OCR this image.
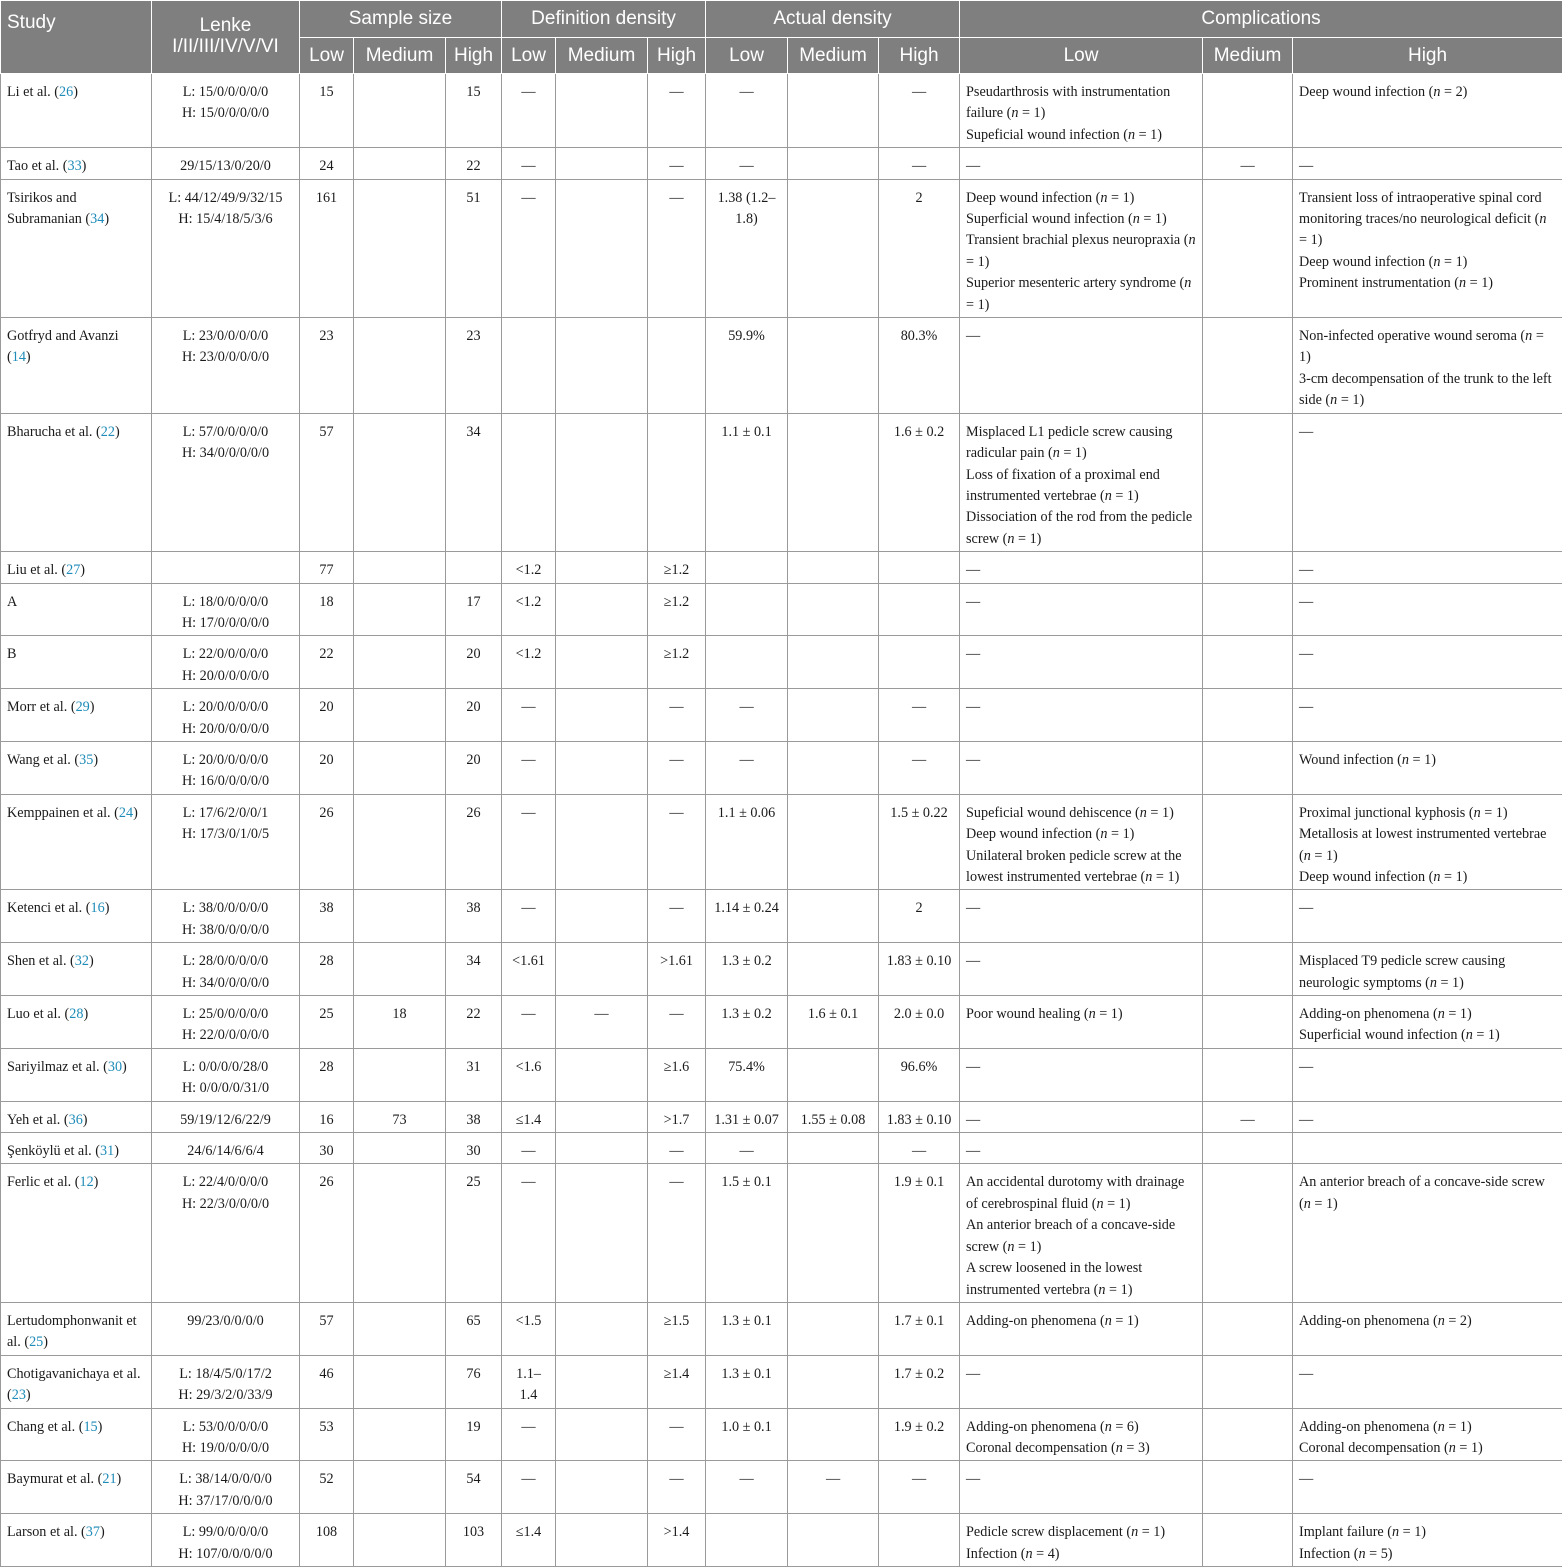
Study	Lenke I/II/III/IV/V/VI	Sample size			Definition density			Actual density			Complications		
		Low	Medium	High	Low	Medium	High	Low	Medium	High	Low	Medium	High
Li et al. (26)	L: 15/0/0/0/0/0
H: 15/0/0/0/0/0	15		15	—		—	—		—	Pseudarthrosis with instrumentation failure (n = 1)
Supeficial wound infection (n = 1)		Deep wound infection (n = 2)

Tao et al. (33)	29/15/13/0/20/0	24		22	—		—	—		—	—	—	—

Tsirikos and Subramanian (34)	L: 44/12/49/9/32/15
H: 15/4/18/5/3/6	161		51	—		—	1.38 (1.2–1.8)		2	Deep wound infection (n = 1)
Superficial wound infection (n = 1)
Transient brachial plexus neuropraxia (n = 1)
Superior mesenteric artery syndrome (n = 1)		Transient loss of intraoperative spinal cord
monitoring traces/no neurological deficit (n = 1)
Deep wound infection (n = 1)
Prominent instrumentation (n = 1)

Gotfryd and Avanzi (14)	L: 23/0/0/0/0/0
H: 23/0/0/0/0/0	23		23				59.9%		80.3%	—		Non-infected operative wound seroma (n = 1)
3-cm decompensation of the trunk to the left side (n = 1)

Bharucha et al. (22)	L: 57/0/0/0/0/0
H: 34/0/0/0/0/0	57		34				1.1 ± 0.1		1.6 ± 0.2	Misplaced L1 pedicle screw causing radicular pain (n = 1)
Loss of fixation of a proximal end instrumented vertebrae (n = 1)
Dissociation of the rod from the pedicle screw (n = 1)		—

Liu et al. (27)		77			<1.2		≥1.2				—		—

A	L: 18/0/0/0/0/0
H: 17/0/0/0/0/0	18		17	<1.2		≥1.2				—		—

B	L: 22/0/0/0/0/0
H: 20/0/0/0/0/0	22		20	<1.2		≥1.2				—		—

Morr et al. (29)	L: 20/0/0/0/0/0
H: 20/0/0/0/0/0	20		20	—		—	—		—	—		—

Wang et al. (35)	L: 20/0/0/0/0/0
H: 16/0/0/0/0/0	20		20	—		—	—		—	—		Wound infection (n = 1)

Kemppainen et al. (24)	L: 17/6/2/0/0/1
H: 17/3/0/1/0/5	26		26	—		—	1.1 ± 0.06		1.5 ± 0.22	Supeficial wound dehiscence (n = 1)
Deep wound infection (n = 1)
Unilateral broken pedicle screw at the lowest instrumented vertebrae (n = 1)		Proximal junctional kyphosis (n = 1)
Metallosis at lowest instrumented vertebrae (n = 1)
Deep wound infection (n = 1)

Ketenci et al. (16)	L: 38/0/0/0/0/0
H: 38/0/0/0/0/0	38		38	—		—	1.14 ± 0.24		2	—		—

Shen et al. (32)	L: 28/0/0/0/0/0
H: 34/0/0/0/0/0	28		34	<1.61		>1.61	1.3 ± 0.2		1.83 ± 0.10	—		Misplaced T9 pedicle screw causing neurologic symptoms (n = 1)

Luo et al. (28)	L: 25/0/0/0/0/0
H: 22/0/0/0/0/0	25	18	22	—	—	—	1.3 ± 0.2	1.6 ± 0.1	2.0 ± 0.0	Poor wound healing (n = 1)		Adding-on phenomena (n = 1)
Superficial wound infection (n = 1)

Sariyilmaz et al. (30)	L: 0/0/0/0/28/0
H: 0/0/0/0/31/0	28		31	<1.6		≥1.6	75.4%		96.6%	—		—

Yeh et al. (36)	59/19/12/6/22/9	16	73	38	≤1.4		>1.7	1.31 ± 0.07	1.55 ± 0.08	1.83 ± 0.10	—	—	—

Şenköylü et al. (31)	24/6/14/6/6/4	30		30	—		—	—		—	—		

Ferlic et al. (12)	L: 22/4/0/0/0/0
H: 22/3/0/0/0/0	26		25	—		—	1.5 ± 0.1		1.9 ± 0.1	An accidental durotomy with drainage of cerebrospinal fluid (n = 1)
An anterior breach of a concave-side screw (n = 1)
A screw loosened in the lowest instrumented vertebra (n = 1)		An anterior breach of a concave-side screw (n = 1)

Lertudomphonwanit et al. (25)	99/23/0/0/0/0	57		65	<1.5		≥1.5	1.3 ± 0.1		1.7 ± 0.1	Adding-on phenomena (n = 1)		Adding-on phenomena (n = 2)

Chotigavanichaya et al. (23)	L: 18/4/5/0/17/2
H: 29/3/2/0/33/9	46		76	1.1–1.4		≥1.4	1.3 ± 0.1		1.7 ± 0.2	—		—

Chang et al. (15)	L: 53/0/0/0/0/0
H: 19/0/0/0/0/0	53		19	—		—	1.0 ± 0.1		1.9 ± 0.2	Adding-on phenomena (n = 6)
Coronal decompensation (n = 3)		Adding-on phenomena (n = 1)
Coronal decompensation (n = 1)

Baymurat et al. (21)	L: 38/14/0/0/0/0
H: 37/17/0/0/0/0	52		54	—		—	—	—	—	—		—

Larson et al. (37)	L: 99/0/0/0/0/0
H: 107/0/0/0/0/0	108		103	≤1.4		>1.4				Pedicle screw displacement (n = 1)
Infection (n = 4)		Implant failure (n = 1)
Infection (n = 5)
